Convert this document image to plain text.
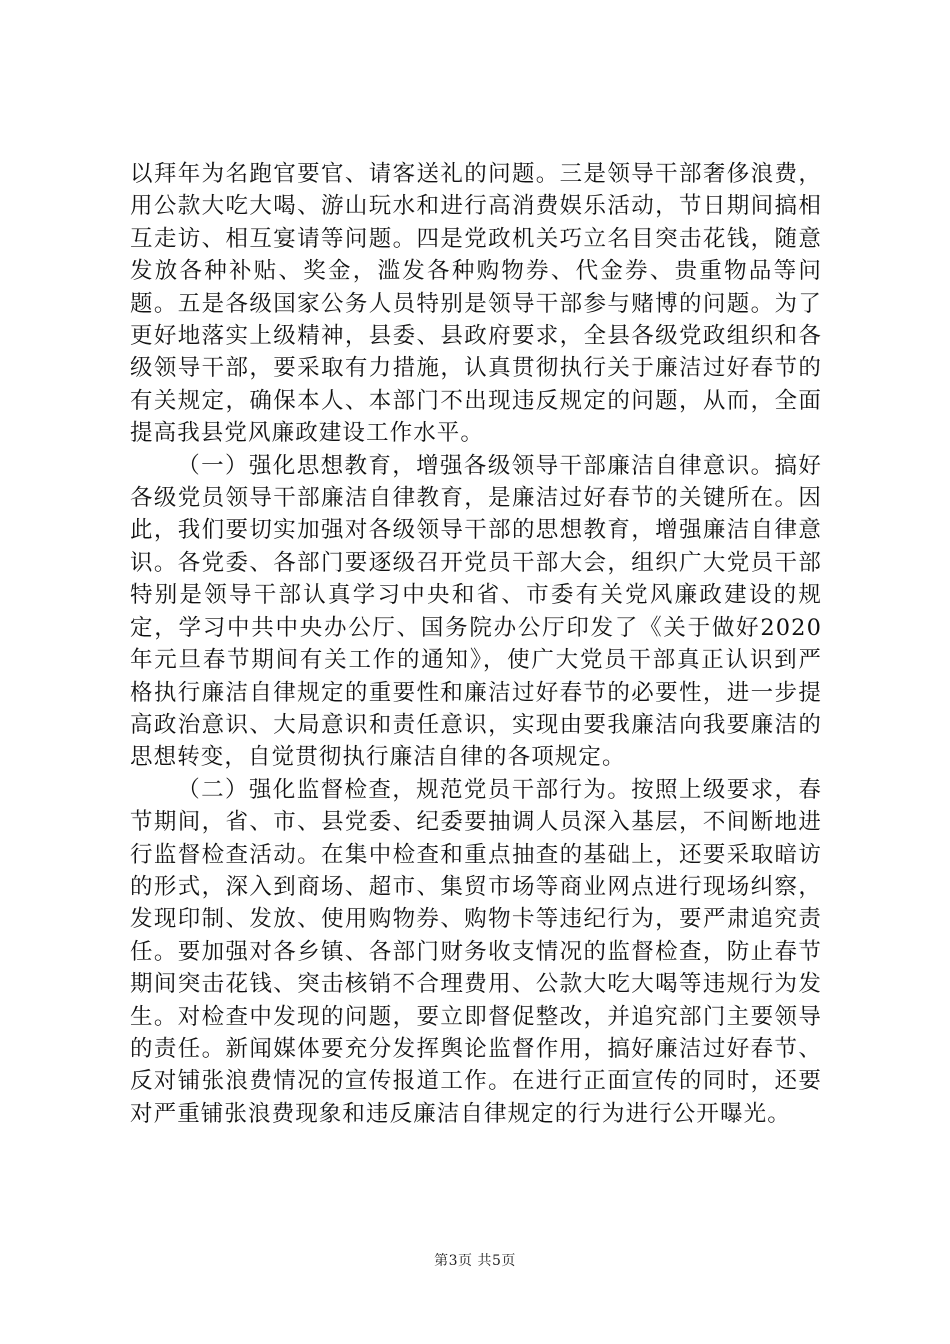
以拜年为名跑官要官、请客送礼的问题。三是领导干部奢侈浪费，用公款大吃大喝、游山玩水和进行高消费娱乐活动，节日期间搞相互走访、相互宴请等问题。四是党政机关巧立名目突击花钱，随意发放各种补贴、奖金，滥发各种购物券、代金券、贵重物品等问题。五是各级国家公务人员特别是领导干部参与赌博的问题。为了更好地落实上级精神，县委、县政府要求，全县各级党政组织和各级领导干部，要采取有力措施，认真贯彻执行关于廉洁过好春节的有关规定，确保本人、本部门不出现违反规定的问题，从而，全面提高我县党风廉政建设工作水平。

（一）强化思想教育，增强各级领导干部廉洁自律意识。搞好各级党员领导干部廉洁自律教育，是廉洁过好春节的关键所在。因此，我们要切实加强对各级领导干部的思想教育，增强廉洁自律意识。各党委、各部门要逐级召开党员干部大会，组织广大党员干部特别是领导干部认真学习中央和省、市委有关党风廉政建设的规定，学习中共中央办公厅、国务院办公厅印发了《关于做好2020年元旦春节期间有关工作的通知》，使广大党员干部真正认识到严格执行廉洁自律规定的重要性和廉洁过好春节的必要性，进一步提高政治意识、大局意识和责任意识，实现由要我廉洁向我要廉洁的思想转变，自觉贯彻执行廉洁自律的各项规定。

（二）强化监督检查，规范党员干部行为。按照上级要求，春节期间，省、市、县党委、纪委要抽调人员深入基层，不间断地进行监督检查活动。在集中检查和重点抽查的基础上，还要采取暗访的形式，深入到商场、超市、集贸市场等商业网点进行现场纠察，发现印制、发放、使用购物券、购物卡等违纪行为，要严肃追究责任。要加强对各乡镇、各部门财务收支情况的监督检查，防止春节期间突击花钱、突击核销不合理费用、公款大吃大喝等违规行为发生。对检查中发现的问题，要立即督促整改，并追究部门主要领导的责任。新闻媒体要充分发挥舆论监督作用，搞好廉洁过好春节、反对铺张浪费情况的宣传报道工作。在进行正面宣传的同时，还要对严重铺张浪费现象和违反廉洁自律规定的行为进行公开曝光。

第3页 共5页
